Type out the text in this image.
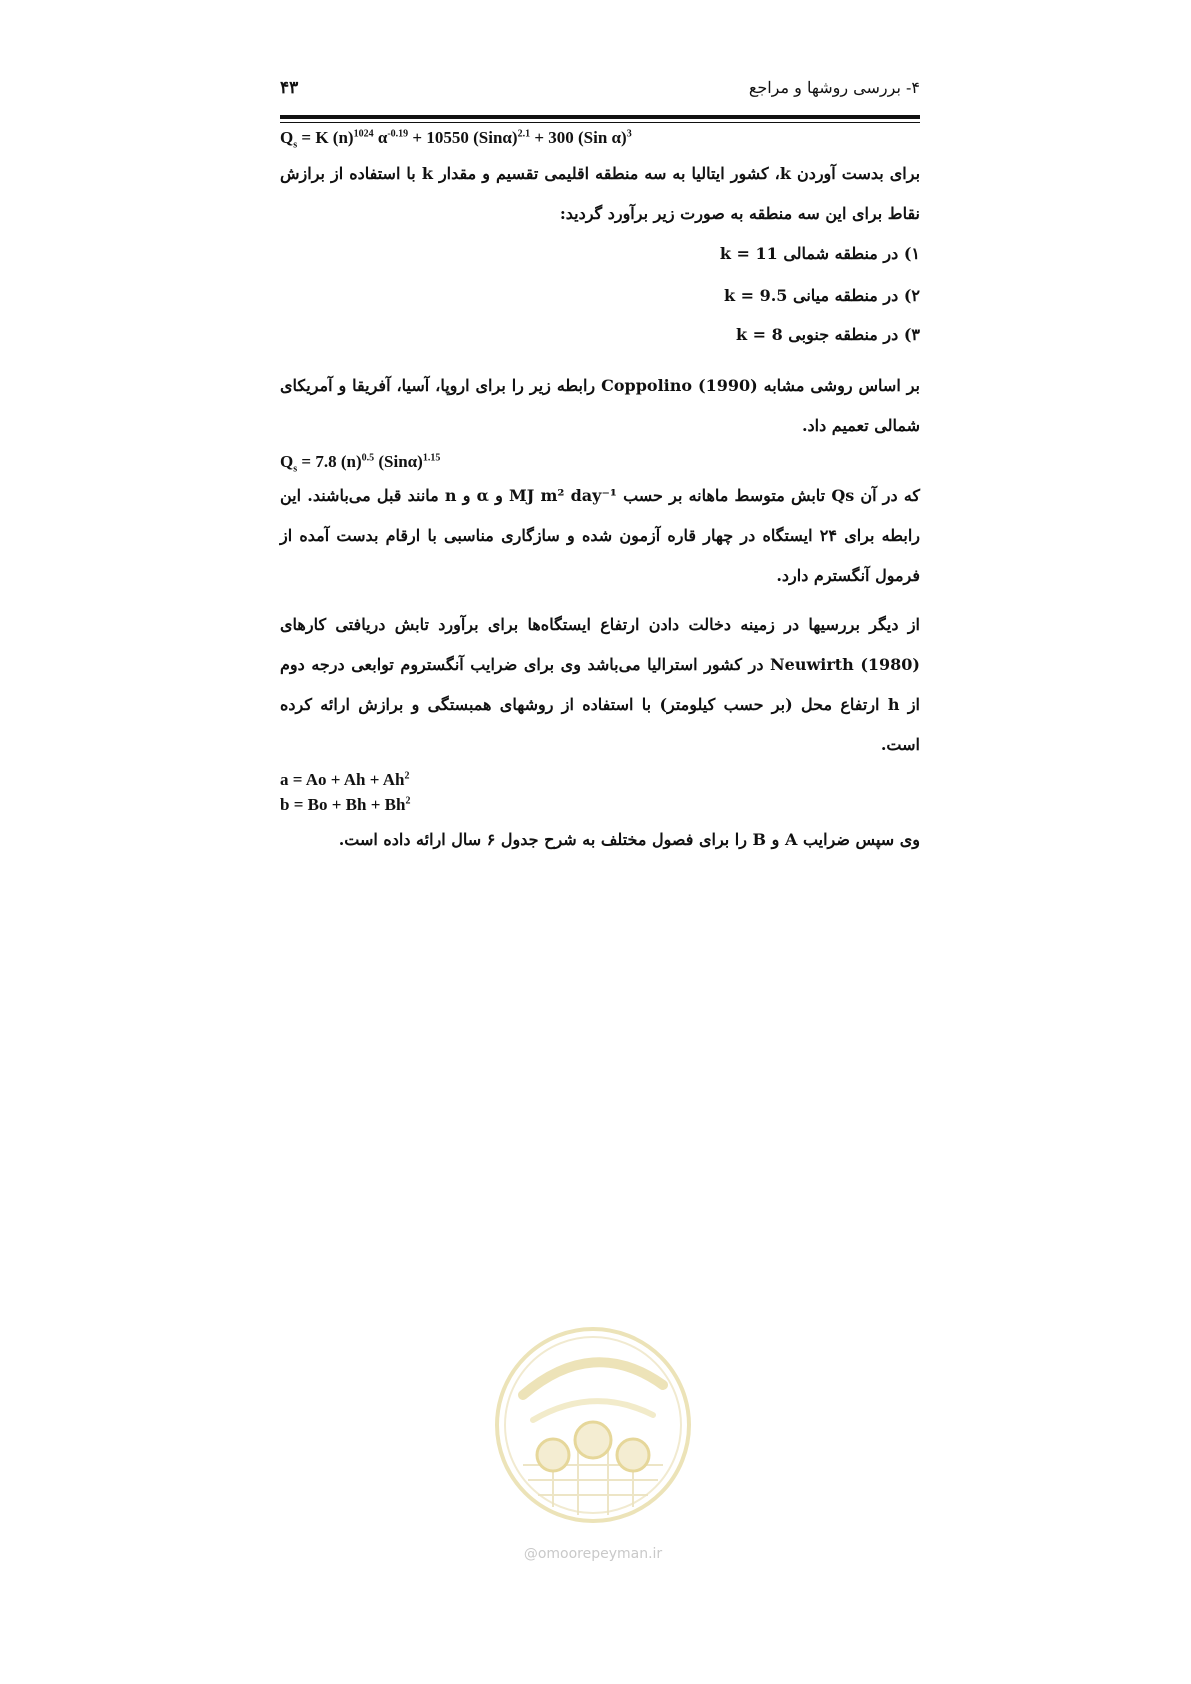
۴۳	۴- بررسی روشها و مراجع
$Q_s = K$ $(n)^{1024}$ $\alpha^{-0.19} + 10550$ $(Sin\alpha)^{2.1} + 300$ (Sin α)$^3$
برای بدست آوردن k، کشور ایتالیا به سه منطقه اقلیمی تقسیم و مقدار k با استفاده از برازش نقاط برای این سه منطقه به صورت زیر برآورد گردید:
۱) در منطقه شمالی k = 11
۲) در منطقه میانی k = 9.5
۳) در منطقه جنوبی k = 8
بر اساس روشی مشابه Coppolino (1990) رابطه زیر را برای اروپا، آسیا، آفریقا و آمریکای شمالی تعمیم داد.
$Q_s = 7.8$ $(n)^{0.5}$ $(Sin\alpha)^{1.15}$
که در آن Qs تابش متوسط ماهانه بر حسب MJ m² day⁻¹ و α و n مانند قبل می‌باشند. این رابطه برای ۲۴ ایستگاه در چهار قاره آزمون شده و سازگاری مناسبی با ارقام بدست آمده از فرمول آنگسترم دارد.
از دیگر بررسیها در زمینه دخالت دادن ارتفاع ایستگاه‌ها برای برآورد تابش دریافتی کارهای Neuwirth (1980) در کشور استرالیا می‌باشد وی برای ضرایب آنگستروم توابعی درجه دوم از h ارتفاع محل (بر حسب کیلومتر) با استفاده از روشهای همبستگی و برازش ارائه کرده است.
$a = Ao + Ah + Ah^2$
$b = Bo + Bh + Bh^2$
وی سپس ضرایب A و B را برای فصول مختلف به شرح جدول ۶ سال ارائه داده است.
@omoorepeyman.ir
